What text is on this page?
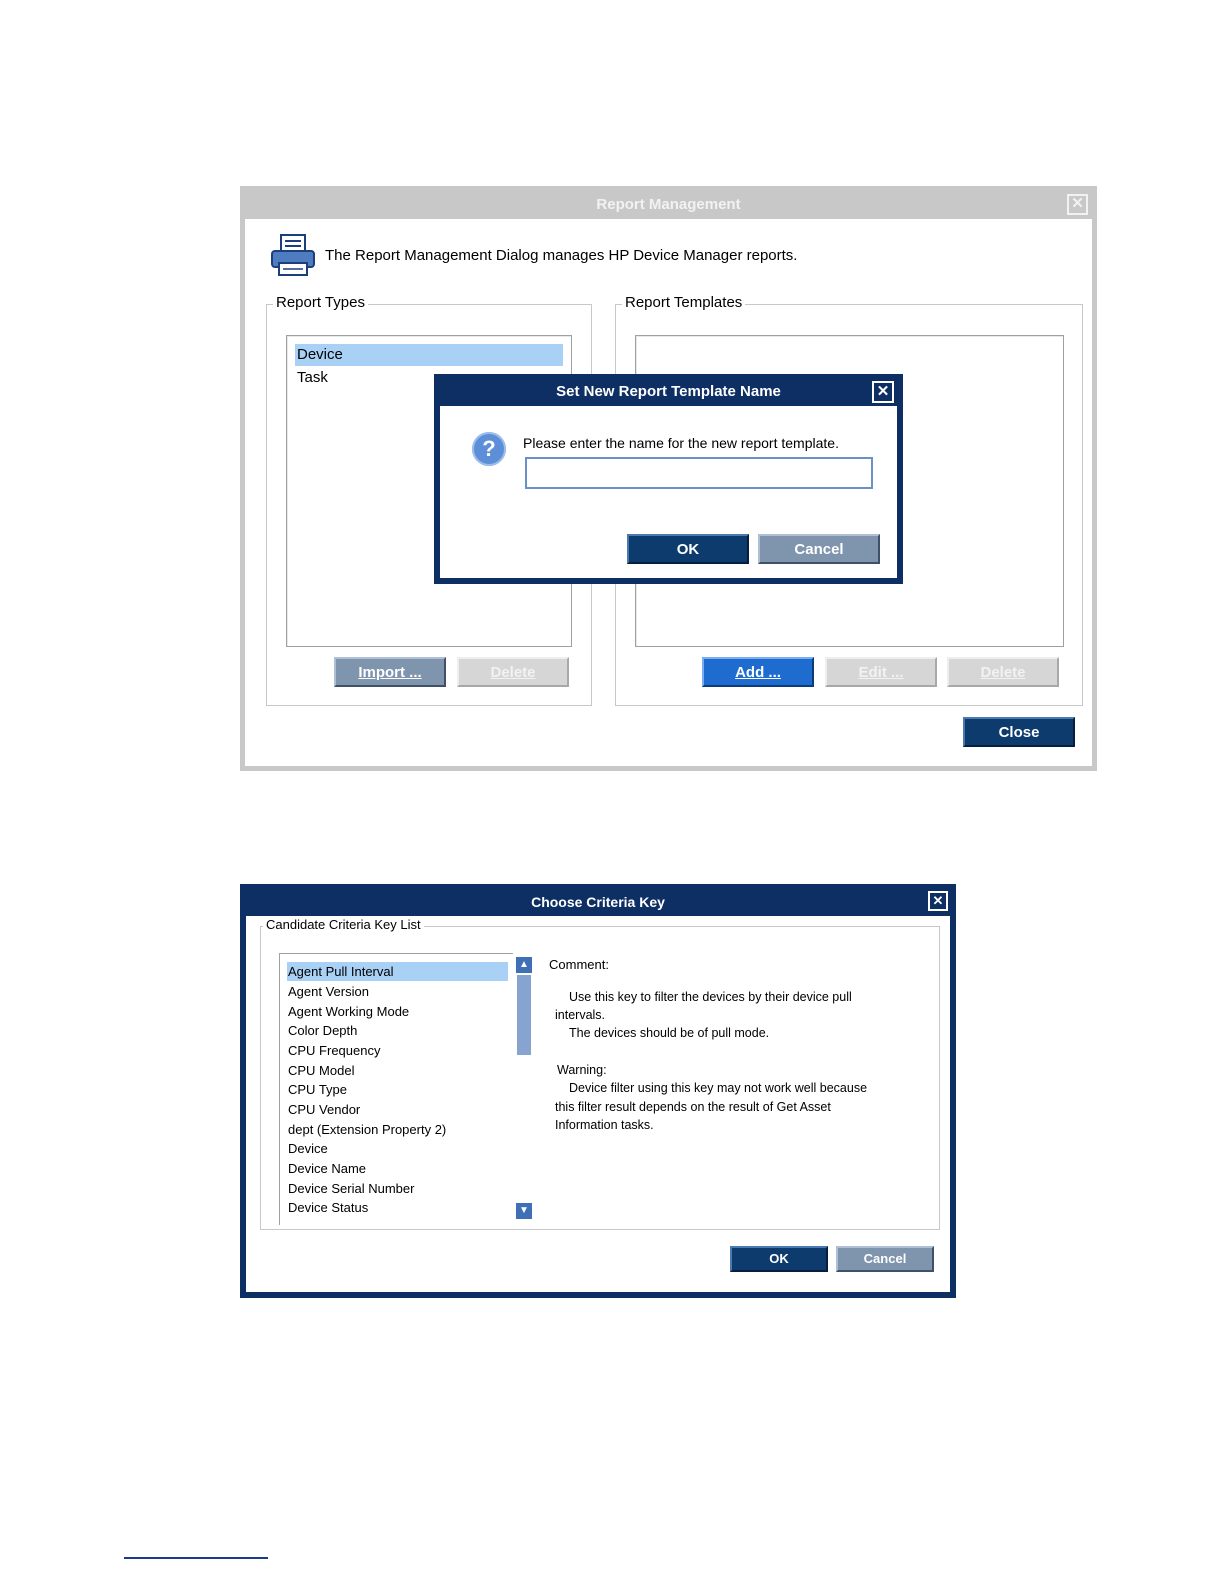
Report Management	✕
The Report Management Dialog manages HP Device Manager reports.
Report Types
Device
Task
Import ...	Delete
Report Templates
Add ...	Edit ...	Delete
Close
Set New Report Template Name	✕
?	Please enter the name for the new report template.
OK	Cancel
Choose Criteria Key	✕
Candidate Criteria Key List
Agent Pull Interval
Agent Version
Agent Working Mode
Color Depth
CPU Frequency
CPU Model
CPU Type
CPU Vendor
dept (Extension Property 2)
Device
Device Name
Device Serial Number
Device Status
▲
▼
Comment:
Use this key to filter the devices by their device pull
intervals.
The devices should be of pull mode.
Warning:
Device filter using this key may not work well because
this filter result depends on the result of Get Asset
Information tasks.
OK	Cancel
